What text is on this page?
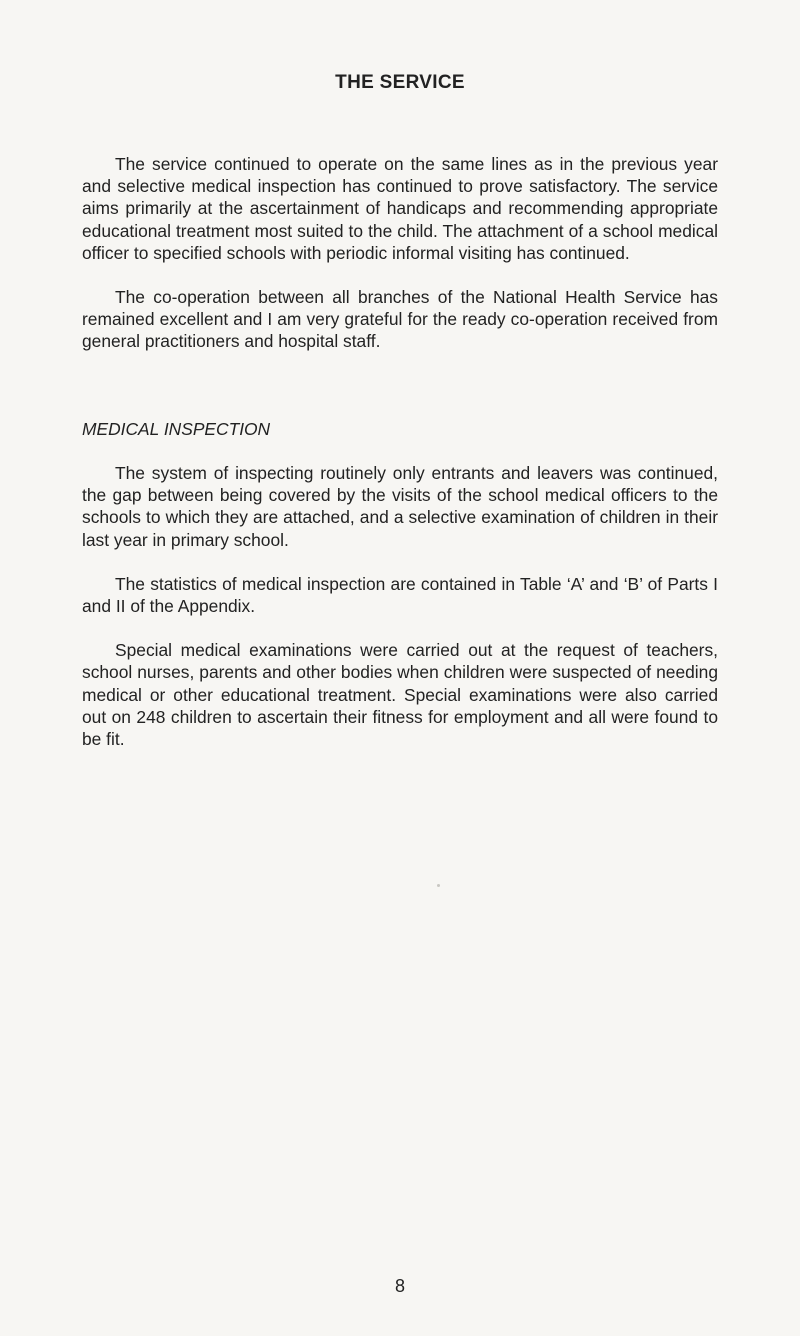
THE SERVICE

The service continued to operate on the same lines as in the previous year and selective medical inspection has continued to prove satisfactory. The service aims primarily at the ascertainment of handicaps and recommending appropriate educational treatment most suited to the child. The attachment of a school medical officer to specified schools with periodic informal visiting has continued.

The co-operation between all branches of the National Health Service has remained excellent and I am very grateful for the ready co-operation received from general practitioners and hospital staff.

MEDICAL INSPECTION

The system of inspecting routinely only entrants and leavers was continued, the gap between being covered by the visits of the school medical officers to the schools to which they are attached, and a selective examination of children in their last year in primary school.

The statistics of medical inspection are contained in Table ‘A’ and ‘B’ of Parts I and II of the Appendix.

Special medical examinations were carried out at the request of teachers, school nurses, parents and other bodies when children were suspected of needing medical or other educational treatment. Special examinations were also carried out on 248 children to ascertain their fitness for employment and all were found to be fit.

8
